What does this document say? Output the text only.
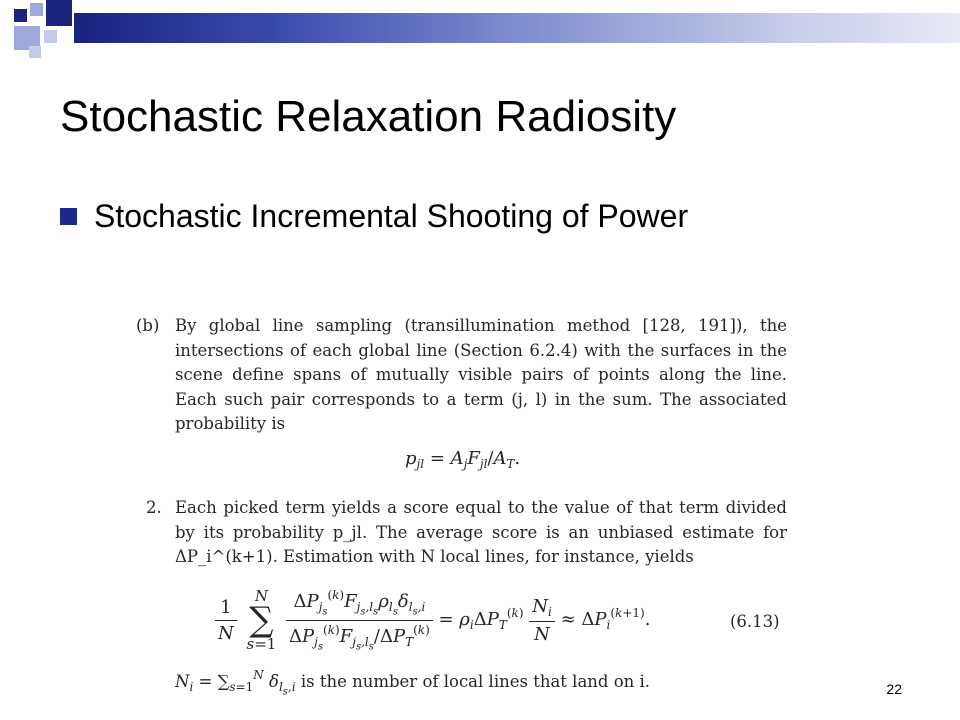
Stochastic Relaxation Radiosity
Stochastic Incremental Shooting of Power
(b) By global line sampling (transillumination method [128, 191]), the intersections of each global line (Section 6.2.4) with the surfaces in the scene define spans of mutually visible pairs of points along the line. Each such pair corresponds to a term (j, l) in the sum. The associated probability is

$p_{jl} = A_jF_{jl}/A_T$.
2. Each picked term yields a score equal to the value of that term divided by its probability p_jl. The average score is an unbiased estimate for ΔP_i^(k+1). Estimation with N local lines, for instance, yields

$\frac{1}{N}$
N
∑
$s=1 \frac{\Delta P_{j_s}^{(k)}F_{j_s,l_s}\rho_{l_s}\delta_{l_s,i}}{\Delta P_{j_s}^{(k)}F_{j_s,l_s}/\Delta P_T^{(k)}} = \rho_i\Delta P_T^{(k)} \frac{N_i}{N} \approx \Delta P_i^{(k+1)}$.	(6.13)
$N_i = \sum_{s=1}^N$ $\delta_{l_s,i}$ is the number of local lines that land on i.	22
